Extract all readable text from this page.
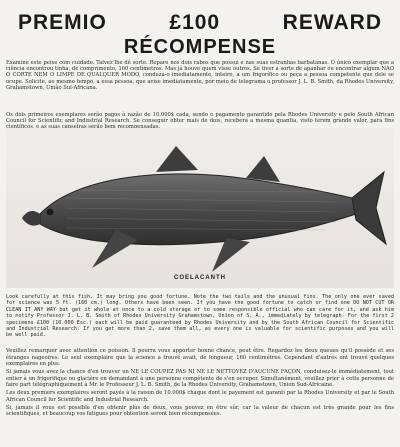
PREMIO	£100	REWARD
RÉCOMPENSE

Examine este peixe com cuidado. Talvez lhe dê sorte. Repare nos dois rabos que possui e nas suas estranhas barbatanas. O único exemplar que a ciência encontrou tinha, de comprimento, 160 centímetros. Mas já houve quem visse outros. Se tiver a sorte de apanhar ou encontrar algum NAO O CORTE NEM O LIMPE DE QUALQUER MODO, conduza-o imediatamente, inteiro, a um frigorífico ou peça a pessoa competente que dele se ocupe. Solicite, ao mesmo tempo, a essa pessoa, que avise imediatamente, por meio de telegrama o professor J. L. B. Smith, da Rhodes University, Grahamstown, União Sul-Africana.

Os dois primeiros exemplares serão pagos à razão de 10.000$ cada, sendo o pagamento garantido pela Rhodes University e pelo South African Council for Scientific and Industrial Research. Se conseguir obter mais de dois, receberá a mesma quantia, visto terem grande valor, para fins

COELACANTH

Look carefully at this fish. It may bring you good fortune. Note the two tails and the unusual fins. The only one ever saved for science was 5 ft. (160 cm.) long. Others have been seen. If you have the good fortune to catch or find one DO NOT CUT OR CLEAN IT ANY WAY but get it whole at once to a cold storage or to some responsible official who can care for it, and ask him to notify Professor J. L. B. Smith of Rhodes University Grahamstown, Union of S. A., immediately by telegraph. For the first 2 specimens £100 (10.000 Esc.) each will be paid guaranteed by Rhodes University and by the South African Council for Scientific and Industrial Research. If you get more than 2, save them all, as every one is valuable for scientific purposes and you will be well paid.

Veuillez remarquer avec attention ce poisson. Il pourra vous apporter bonne chance, peut être. Regardez les deux queues qu'il possède et ses étranges nageoires. Le seul exemplaire que la science a trouvé avait, de longueur, 160 centimètres. Cependant d'autres ont trouvé quelques exemplaires en plus.

Si jamais vous avez la chance d'en trouver un NE LE COUPEZ PAS NI NE LE NETTOYEZ D'AUCUNE FAÇON, conduisez-le immédiatement, tout entier à un frigorifique ou glacière en demandant à une personne compétente de s'en occuper. Simultanément, veuillez prier à cette personne de faire part télégraphiquement à Mr. le Professeur J. L. B. Smith, de la Rhodes University, Grahamstown, Union Sud-Africaine.

Les deux premiers exemplaires seront payés à la raison de 10.000$ chaque dont le payement est garanti par la Rhodes University et par le South African Council for Scientific and Industrial Research.

Si, jamais il vous est possible d'en obtenir plus de deux, vous pouvez en être sûr, car la valeur de chacun est très grande pour les fins scientifiques, et beaucoup vos fatigues pour obtention seront bien récompensées.
